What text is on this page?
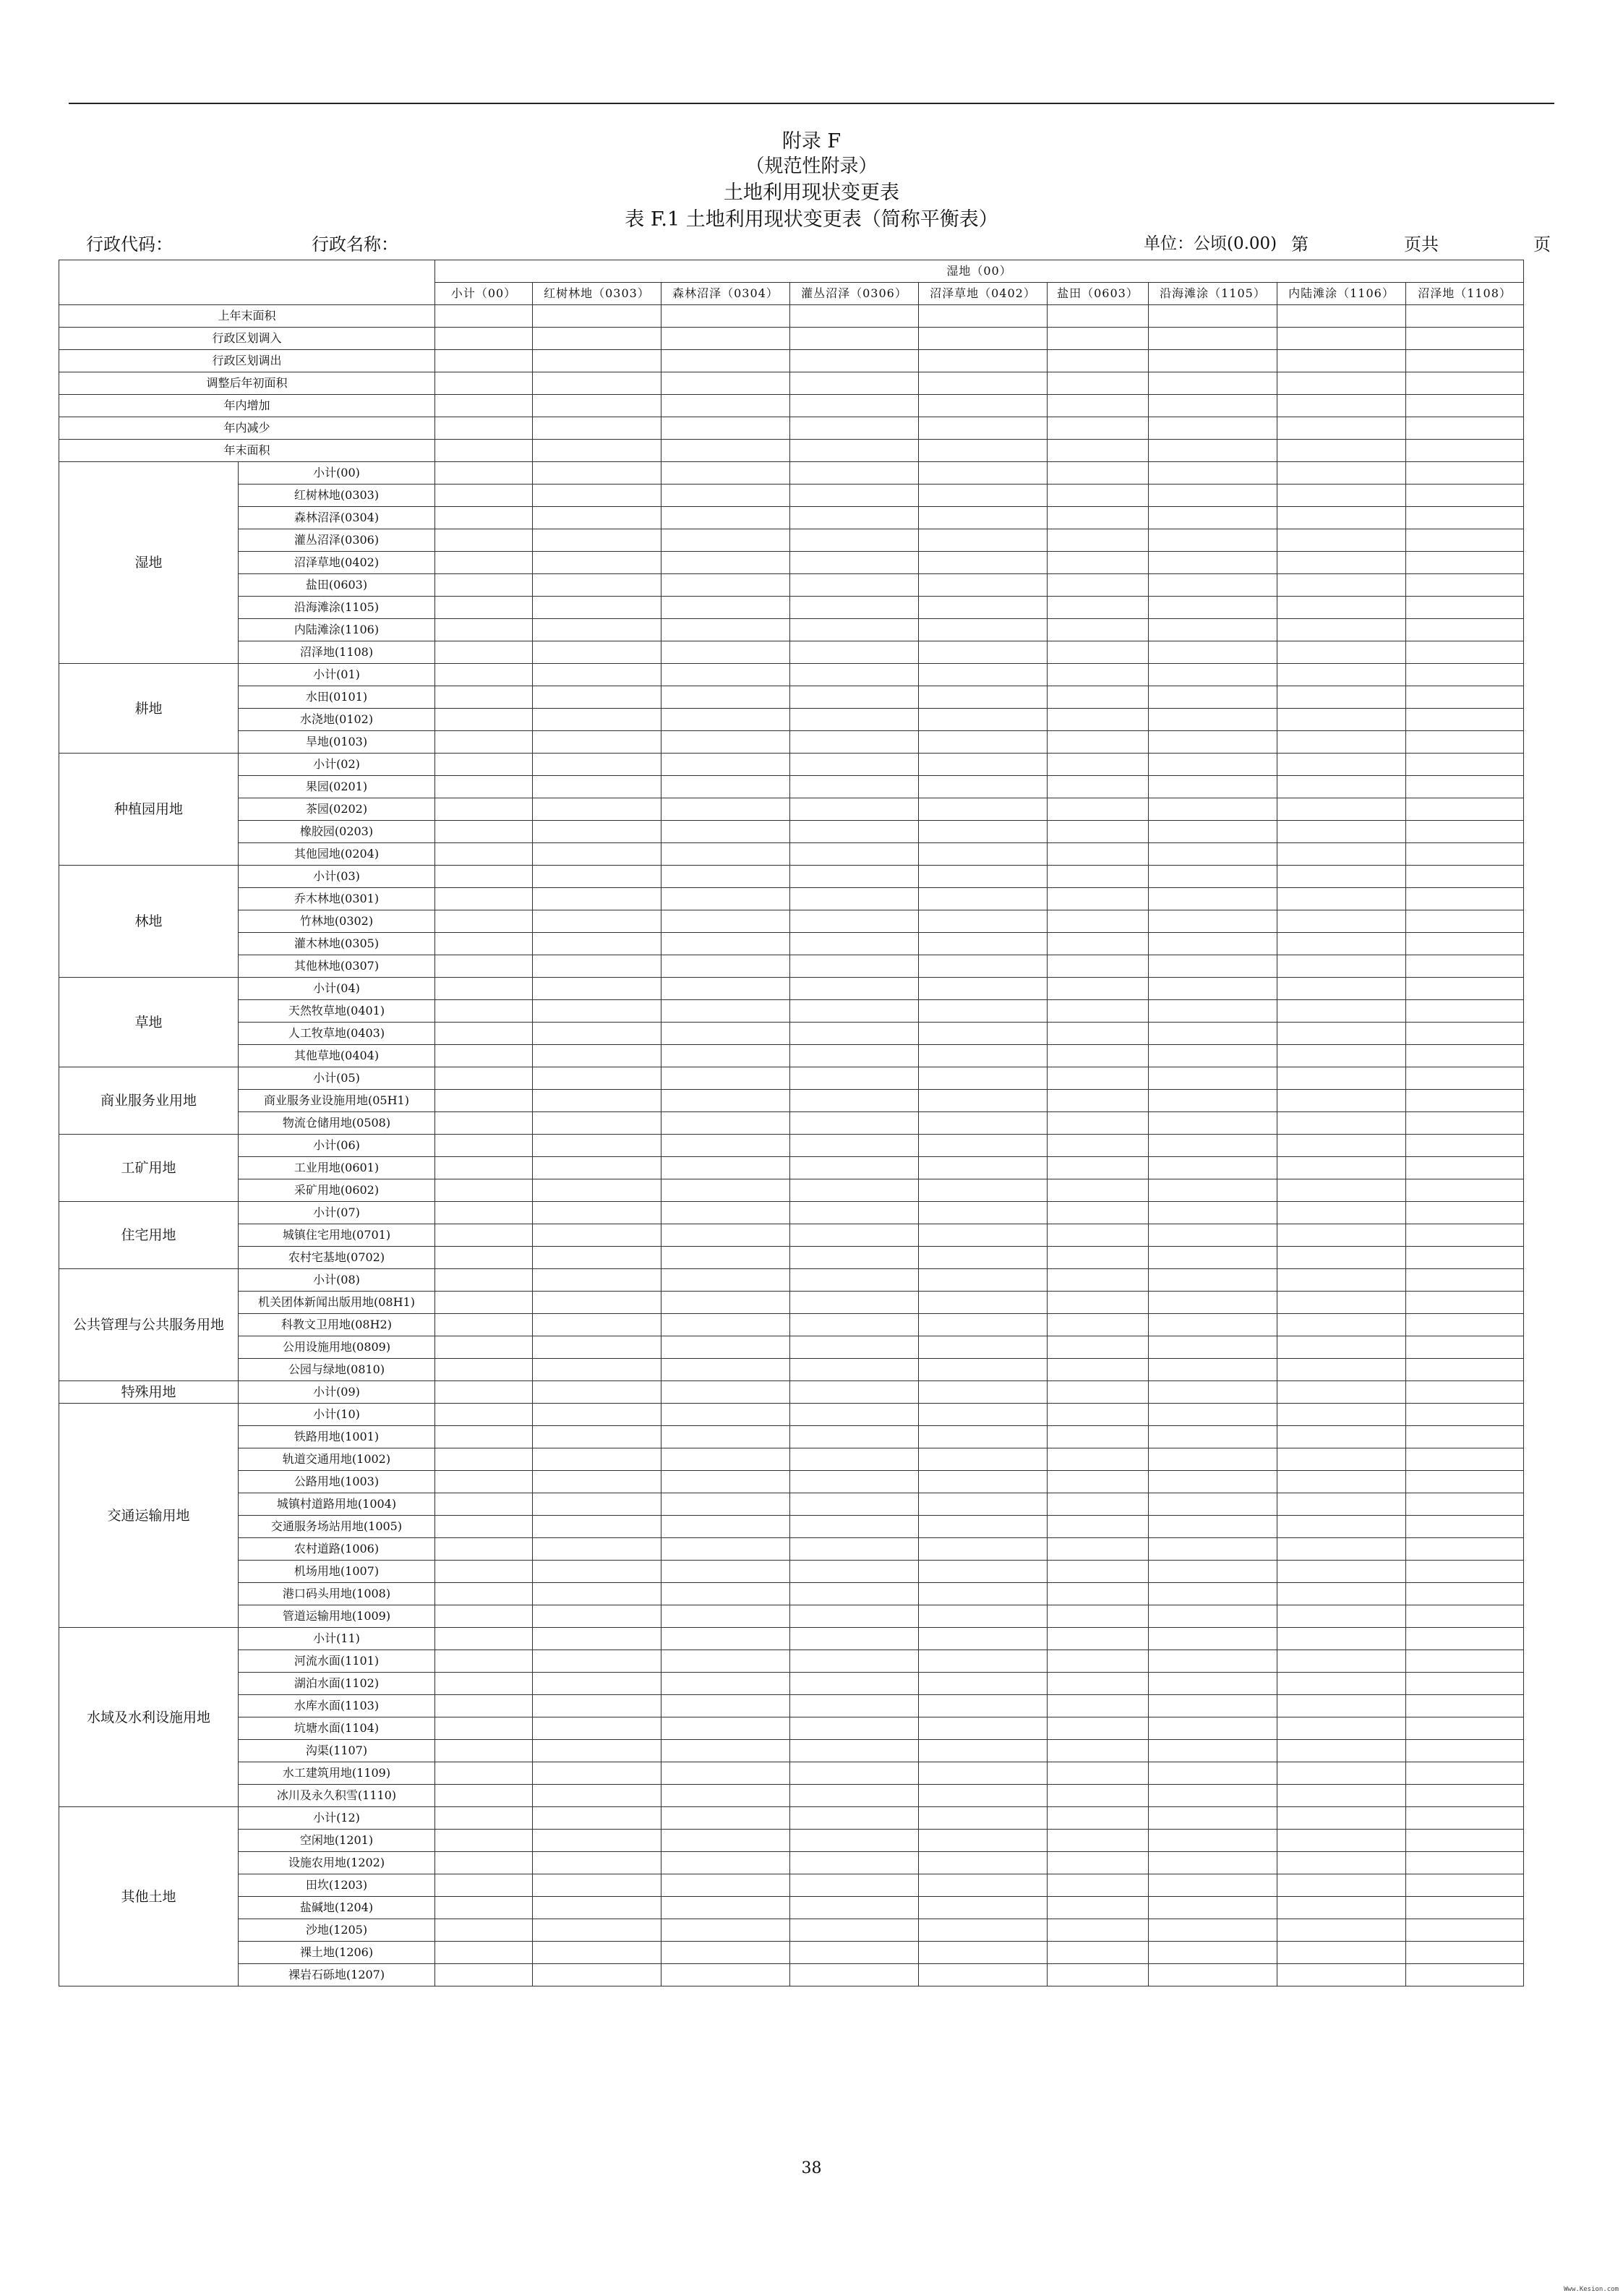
附录 F
（规范性附录）
土地利用现状变更表
表 F.1 土地利用现状变更表（简称平衡表）
行政代码：	行政名称：	单位：公顷(0.00) 第	页共	页
		湿地（00）								
		小计（00）	红树林地（0303）	森林沼泽（0304）	灌丛沼泽（0306）	沼泽草地（0402）	盐田（0603）	沿海滩涂（1105）	内陆滩涂（1106）	沼泽地（1108）
上年末面积										
行政区划调入										
行政区划调出										
调整后年初面积										
年内增加										
年内减少										
年末面积										
湿地	小计(00)									
	红树林地(0303)									
	森林沼泽(0304)									
	灌丛沼泽(0306)									
	沼泽草地(0402)									
	盐田(0603)									
	沿海滩涂(1105)									
	内陆滩涂(1106)									
	沼泽地(1108)									
耕地	小计(01)									
	水田(0101)									
	水浇地(0102)									
	旱地(0103)									
种植园用地	小计(02)									
	果园(0201)									
	茶园(0202)									
	橡胶园(0203)									
	其他园地(0204)									
林地	小计(03)									
	乔木林地(0301)									
	竹林地(0302)									
	灌木林地(0305)									
	其他林地(0307)									
草地	小计(04)									
	天然牧草地(0401)									
	人工牧草地(0403)									
	其他草地(0404)									
商业服务业用地	小计(05)									
	商业服务业设施用地(05H1)									
	物流仓储用地(0508)									
工矿用地	小计(06)									
	工业用地(0601)									
	采矿用地(0602)									
住宅用地	小计(07)									
	城镇住宅用地(0701)									
	农村宅基地(0702)									
公共管理与公共服务用地	小计(08)									
	机关团体新闻出版用地(08H1)									
	科教文卫用地(08H2)									
	公用设施用地(0809)									
	公园与绿地(0810)									
特殊用地	小计(09)									
交通运输用地	小计(10)									
	铁路用地(1001)									
	轨道交通用地(1002)									
	公路用地(1003)									
	城镇村道路用地(1004)									
	交通服务场站用地(1005)									
	农村道路(1006)									
	机场用地(1007)									
	港口码头用地(1008)									
	管道运输用地(1009)									
水域及水利设施用地	小计(11)									
	河流水面(1101)									
	湖泊水面(1102)									
	水库水面(1103)									
	坑塘水面(1104)									
	沟渠(1107)									
	水工建筑用地(1109)									
	冰川及永久积雪(1110)									
其他土地	小计(12)									
	空闲地(1201)									
	设施农用地(1202)									
	田坎(1203)									
	盐碱地(1204)									
	沙地(1205)									
	裸土地(1206)									
	裸岩石砾地(1207)									
38
Www.Kesion.com
